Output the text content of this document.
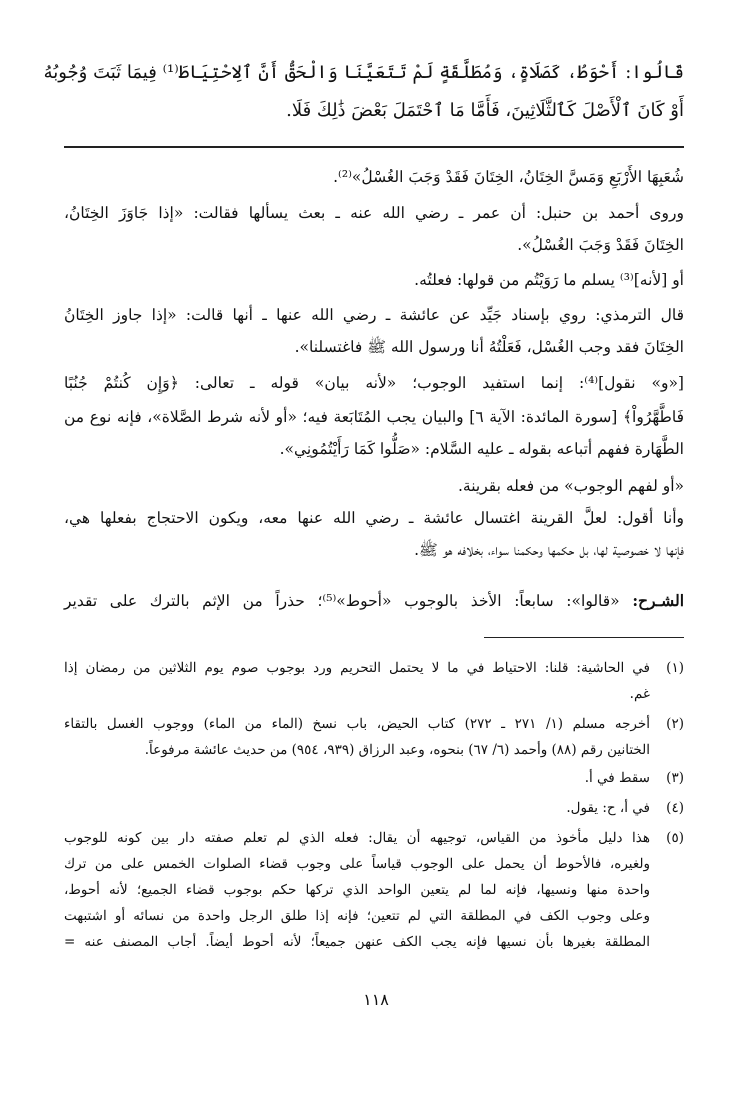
قَالُوا: أَحْوَطُ، كَصَلَاةٍ، وَمُطَلَّقَةٍ لَمْ تَتَعَيَّنَا وَالْحَقُّ أَنَّ ٱلِاحْتِيَاطَ⁽¹⁾ فِيمَا ثَبَتَ وُجُوبُهُ
أَوْ كَانَ ٱلْأَصْلَ كَٱلثَّلَاثِينَ، فَأَمَّا مَا ٱحْتَمَلَ بَعْضَ ذَٰلِكَ فَلَا.
شُعَبِهَا الأَرْبَعِ وَمَسَّ الخِتَانُ، الخِتَانَ فَقَدْ وَجَبَ الغُسْلُ»⁽²⁾.
وروى أحمد بن حنبل: أن عمر ـ رضي الله عنه ـ بعث يسألها فقالت: «إذا جَاوَزَ الخِتَانُ،
الخِتَانَ فَقَدْ وَجَبَ الغُسْلُ».
أو [لأنه]⁽³⁾ يسلم ما رَوَيْتُم من قولها: فعلتُه.
قال الترمذي: روي بإسناد جَيِّد عن عائشة ـ رضي الله عنها ـ أنها قالت: «إذا جاوز الخِتَانُ
الخِتَانَ فقد وجب الغُسْل، فَعَلْتُهُ أنا ورسول الله ﷺ فاغتسلنا».
[«و» نقول]⁽⁴⁾: إنما استفيد الوجوب؛ «لأنه بيان» قوله ـ تعالى: ﴿وَإِن كُنتُمْ جُنُبًا
فَاطَّهَّرُواْ﴾ [سورة المائدة: الآية ٦] والبيان يجب المُتَابَعة فيه؛ «أو لأنه شرط الصَّلاة»، فإنه نوع من
الطَّهَارة ففهم أتباعه بقوله ـ عليه السَّلام: «صَلُّوا كَمَا رَأَيْتُمُونِي».
«أو لفهم الوجوب» من فعله بقرينة.
وأنا أقول: لعلَّ القرينة اغتسال عائشة ـ رضي الله عنها معه، ويكون الاحتجاج بفعلها هي،
فإنها لا خصوصية لها، بل حكمها وحكمنا سواء، بخلافه هو ﷺ.
الشـرح: «قالوا»: سابعاً: الأخذ بالوجوب «أحوط»⁽⁵⁾؛ حذراً من الإثم بالترك على تقدير
(١)في الحاشية: قلنا: الاحتياط في ما لا يحتمل التحريم ورد بوجوب صوم يوم الثلاثين من رمضان إذا
غم.
(٢)أخرجه مسلم (١/ ٢٧١ ـ ٢٧٢) كتاب الحيض، باب نسخ (الماء من الماء) ووجوب الغسل بالتقاء
الختانين رقم (٨٨) وأحمد (٦/ ٦٧) بنحوه، وعبد الرزاق (٩٣٩، ٩٥٤) من حديث عائشة مرفوعاً.
(٣)سقط في أ.
(٤)في أ، ح: يقول.
(٥)هذا دليل مأخوذ من القياس، توجيهه أن يقال: فعله الذي لم تعلم صفته دار بين كونه للوجوب
ولغيره، فالأحوط أن يحمل على الوجوب قياساً على وجوب قضاء الصلوات الخمس على من ترك
واحدة منها ونسيها، فإنه لما لم يتعين الواحد الذي تركها حكم بوجوب قضاء الجميع؛ لأنه أحوط،
وعلى وجوب الكف في المطلقة التي لم تتعين؛ فإنه إذا طلق الرجل واحدة من نسائه أو اشتبهت
المطلقة بغيرها بأن نسيها فإنه يجب الكف عنهن جميعاً؛ لأنه أحوط أيضاً. أجاب المصنف عنه =
١١٨
